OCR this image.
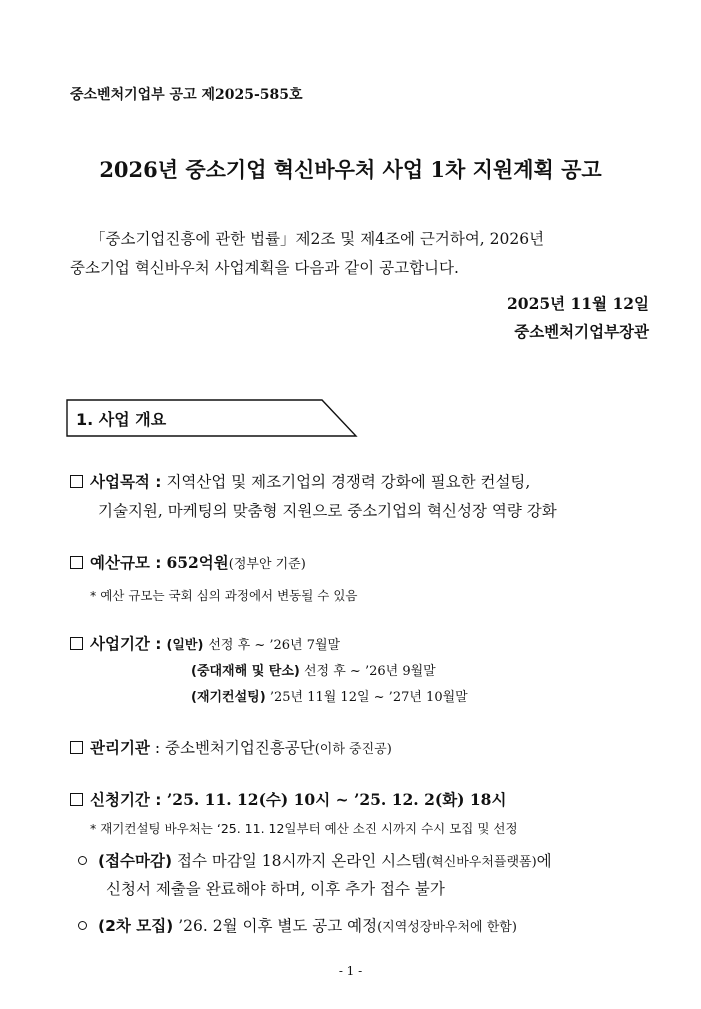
중소벤처기업부 공고 제2025-585호
2026년 중소기업 혁신바우처 사업 1차 지원계획 공고
「중소기업진흥에 관한 법률」제2조 및 제4조에 근거하여, 2026년
중소기업 혁신바우처 사업계획을 다음과 같이 공고합니다.
2025년 11월 12일
중소벤처기업부장관
1. 사업 개요
사업목적 : 지역산업 및 제조기업의 경쟁력 강화에 필요한 컨설팅,
기술지원, 마케팅의 맞춤형 지원으로 중소기업의 혁신성장 역량 강화
예산규모 : 652억원(정부안 기준)
* 예산 규모는 국회 심의 과정에서 변동될 수 있음
사업기간 : (일반) 선정 후 ~ ’26년 7월말
(중대재해 및 탄소) 선정 후 ~ ’26년 9월말
(재기컨설팅) ’25년 11월 12일 ~ ’27년 10월말
관리기관 : 중소벤처기업진흥공단(이하 중진공)
신청기간 : ’25. 11. 12(수) 10시 ~ ’25. 12. 2(화) 18시
* 재기컨설팅 바우처는 ‘25. 11. 12일부터 예산 소진 시까지 수시 모집 및 선정
(접수마감) 접수 마감일 18시까지 온라인 시스템(혁신바우처플랫폼)에
신청서 제출을 완료해야 하며, 이후 추가 접수 불가
(2차 모집) ’26. 2월 이후 별도 공고 예정(지역성장바우처에 한함)
- 1 -
